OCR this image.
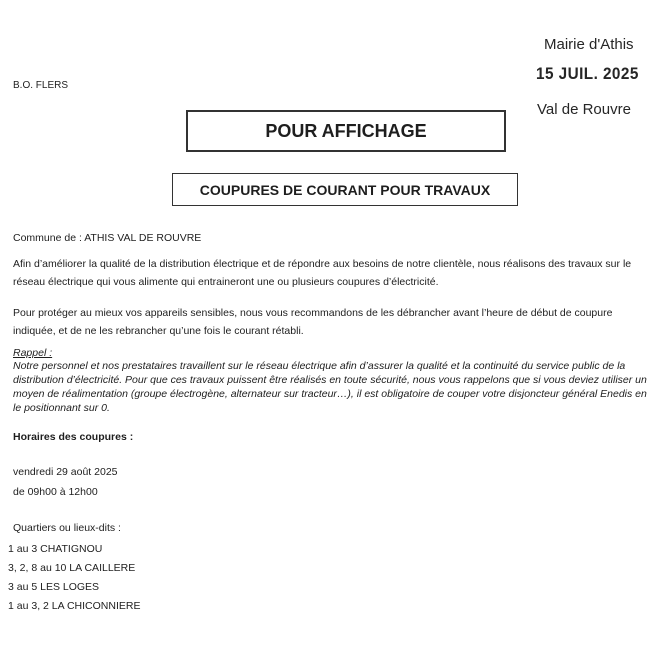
Mairie d'Athis
15 JUIL. 2025
Val de Rouvre
B.O. FLERS
POUR AFFICHAGE
COUPURES DE COURANT POUR TRAVAUX
Commune de : ATHIS VAL DE ROUVRE
Afin d’améliorer la qualité de la distribution électrique et de répondre aux besoins de notre clientèle, nous réalisons des travaux sur le réseau électrique qui vous alimente qui entraineront une ou plusieurs coupures d’électricité.
Pour protéger au mieux vos appareils sensibles, nous vous recommandons de les débrancher avant l’heure de début de coupure indiquée, et de ne les rebrancher qu’une fois le courant rétabli.
Rappel :
Notre personnel et nos prestataires travaillent sur le réseau électrique afin d’assurer la qualité et la continuité du service public de la distribution d’électricité. Pour que ces travaux puissent être réalisés en toute sécurité, nous vous rappelons que si vous deviez utiliser un moyen de réalimentation (groupe électrogène, alternateur sur tracteur…), il est obligatoire de couper votre disjoncteur général Enedis en le positionnant sur 0.
Horaires des coupures :
vendredi 29 août 2025
de 09h00 à 12h00
Quartiers ou lieux-dits :
1 au 3 CHATIGNOU
3, 2, 8 au 10 LA CAILLERE
3 au 5 LES LOGES
1 au 3, 2 LA CHICONNIERE
